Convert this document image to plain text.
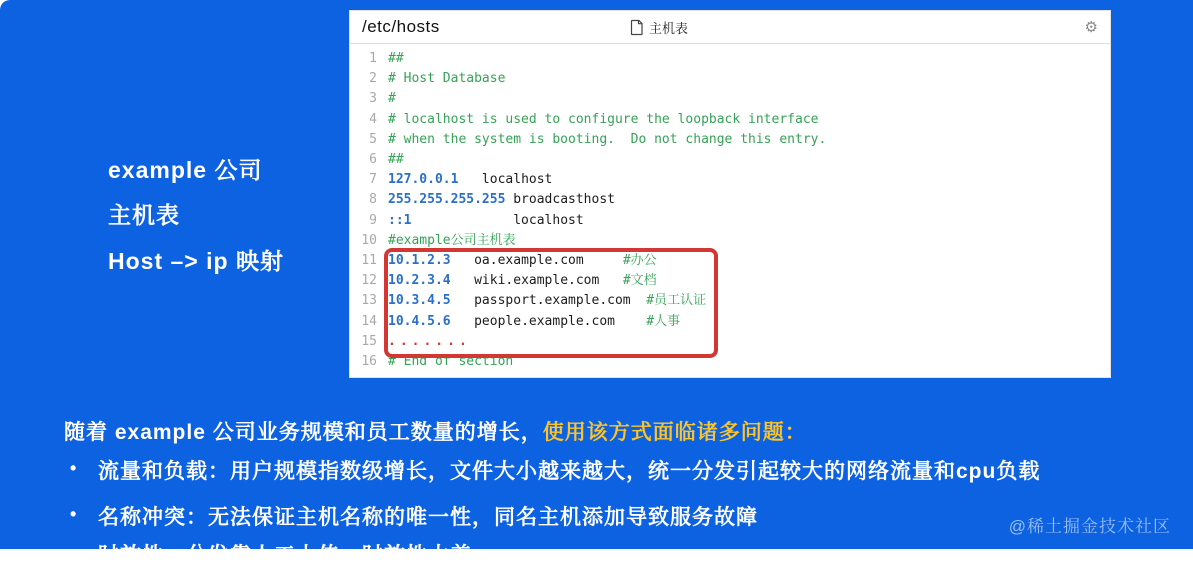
example 公司
主机表
Host –> ip 映射
/etc/hosts	主机表	⚙
1 ##
2 # Host Database
3 #
4 # localhost is used to configure the loopback interface
5 # when the system is booting.  Do not change this entry.
6 ##
7 127.0.0.1 localhost
8 255.255.255.255 broadcasthost
9 ::1 localhost
10 #example公司主机表
11 10.1.2.3 oa.example.com #办公
12 10.2.3.4 wiki.example.com #文档
13 10.3.4.5 passport.example.com #员工认证
14 10.4.5.6 people.example.com #人事
15 .......
16 # End of section
随着 example 公司业务规模和员工数量的增长，使用该方式面临诸多问题：
• 流量和负载：用户规模指数级增长，文件大小越来越大，统一分发引起较大的网络流量和cpu负载
• 名称冲突：无法保证主机名称的唯一性，同名主机添加导致服务故障
• 时效性：分发靠人工上传，时效性太差
@稀土掘金技术社区
